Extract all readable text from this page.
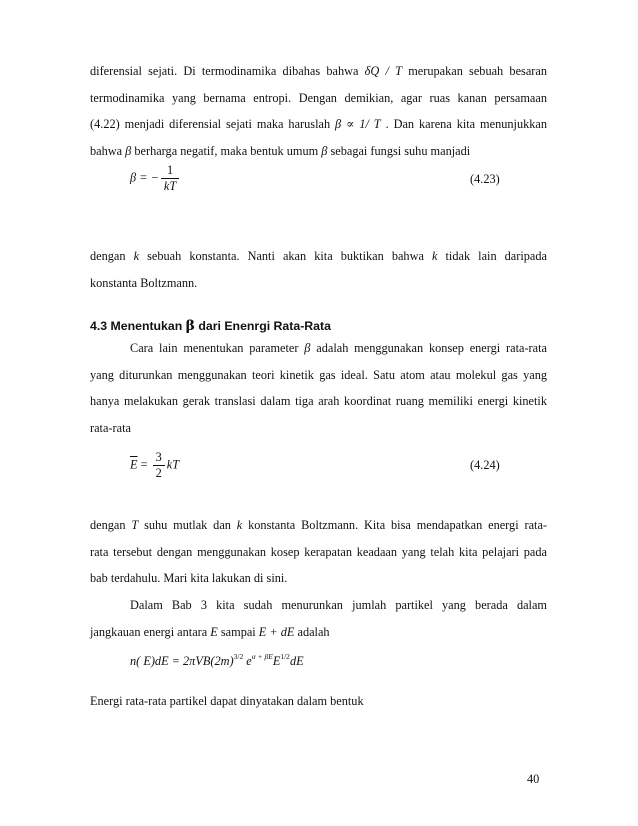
diferensial sejati. Di termodinamika dibahas bahwa δQ / T merupakan sebuah besaran
termodinamika yang bernama entropi. Dengan demikian, agar ruas kanan persamaan
(4.22) menjadi diferensial sejati maka haruslah β ∝ 1/ T . Dan karena kita menunjukkan
bahwa β berharga negatif, maka bentuk umum β sebagai fungsi suhu manjadi
β = − $\frac{1}{kT}$	(4.23)
dengan k sebuah konstanta. Nanti akan kita buktikan bahwa k tidak lain daripada
konstanta Boltzmann.
4.3 Menentukan β dari Enenrgi Rata-Rata
Cara lain menentukan parameter β adalah menggunakan konsep energi rata-rata
yang diturunkan menggunakan teori kinetik gas ideal. Satu atom atau molekul gas yang
hanya melakukan gerak translasi dalam tiga arah koordinat ruang memiliki energi kinetik
rata-rata
$\overline{E} = \frac{3}{2}$ kT	(4.24)
dengan T suhu mutlak dan k konstanta Boltzmann. Kita bisa mendapatkan energi rata-
rata tersebut dengan menggunakan kosep kerapatan keadaan yang telah kita pelajari pada
bab terdahulu. Mari kita lakukan di sini.
Dalam Bab 3 kita sudah menurunkan jumlah partikel yang berada dalam
jangkauan energi antara E sampai E + dE adalah
n( $E)dE = 2\pi VB(2m)^{3/2}$ $e^{\alpha + \beta E}E^{1/2}dE$
Energi rata-rata partikel dapat dinyatakan dalam bentuk
40
